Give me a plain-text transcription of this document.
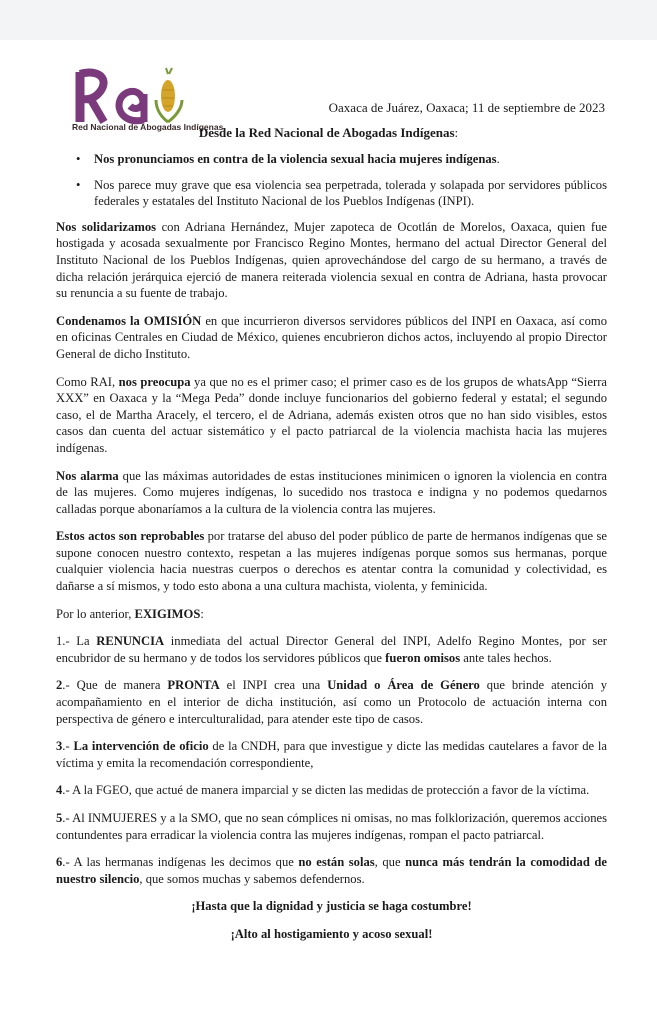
Red Nacional de Abogadas Indígenas
Oaxaca de Juárez, Oaxaca; 11 de septiembre de 2023
Desde la Red Nacional de Abogadas Indígenas:
• Nos pronunciamos en contra de la violencia sexual hacia mujeres indígenas.
• Nos parece muy grave que esa violencia sea perpetrada, tolerada y solapada por servidores públicos federales y estatales del Instituto Nacional de los Pueblos Indígenas (INPI).

Nos solidarizamos con Adriana Hernández, Mujer zapoteca de Ocotlán de Morelos, Oaxaca, quien fue hostigada y acosada sexualmente por Francisco Regino Montes, hermano del actual Director General del Instituto Nacional de los Pueblos Indígenas, quien aprovechándose del cargo de su hermano, a través de dicha relación jerárquica ejerció de manera reiterada violencia sexual en contra de Adriana, hasta provocar su renuncia a su fuente de trabajo.

Condenamos la OMISIÓN en que incurrieron diversos servidores públicos del INPI en Oaxaca, así como en oficinas Centrales en Ciudad de México, quienes encubrieron dichos actos, incluyendo al propio Director General de dicho Instituto.

Como RAI, nos preocupa ya que no es el primer caso; el primer caso es de los grupos de whatsApp “Sierra XXX” en Oaxaca y la “Mega Peda” donde incluye funcionarios del gobierno federal y estatal; el segundo caso, el de Martha Aracely, el tercero, el de Adriana, además existen otros que no han sido visibles, estos casos dan cuenta del actuar sistemático y el pacto patriarcal de la violencia machista hacia las mujeres indígenas.

Nos alarma que las máximas autoridades de estas instituciones minimicen o ignoren la violencia en contra de las mujeres. Como mujeres indígenas, lo sucedido nos trastoca e indigna y no podemos quedarnos calladas porque abonaríamos a la cultura de la violencia contra las mujeres.

Estos actos son reprobables por tratarse del abuso del poder público de parte de hermanos indígenas que se supone conocen nuestro contexto, respetan a las mujeres indígenas porque somos sus hermanas, porque cualquier violencia hacia nuestras cuerpos o derechos es atentar contra la comunidad y colectividad, es dañarse a sí mismos, y todo esto abona a una cultura machista, violenta, y feminicida.

Por lo anterior, EXIGIMOS:

1.- La RENUNCIA inmediata del actual Director General del INPI, Adelfo Regino Montes, por ser encubridor de su hermano y de todos los servidores públicos que fueron omisos ante tales hechos.

2.- Que de manera PRONTA el INPI crea una Unidad o Área de Género que brinde atención y acompañamiento en el interior de dicha institución, así como un Protocolo de actuación interna con perspectiva de género e interculturalidad, para atender este tipo de casos.

3.- La intervención de oficio de la CNDH, para que investigue y dicte las medidas cautelares a favor de la víctima y emita la recomendación correspondiente,

4.- A la FGEO, que actué de manera imparcial y se dicten las medidas de protección a favor de la víctima.

5.- Al INMUJERES y a la SMO, que no sean cómplices ni omisas, no mas folklorización, queremos acciones contundentes para erradicar la violencia contra las mujeres indígenas, rompan el pacto patriarcal.

6.- A las hermanas indígenas les decimos que no están solas, que nunca más tendrán la comodidad de nuestro silencio, que somos muchas y sabemos defendernos.

¡Hasta que la dignidad y justicia se haga costumbre!

¡Alto al hostigamiento y acoso sexual!
